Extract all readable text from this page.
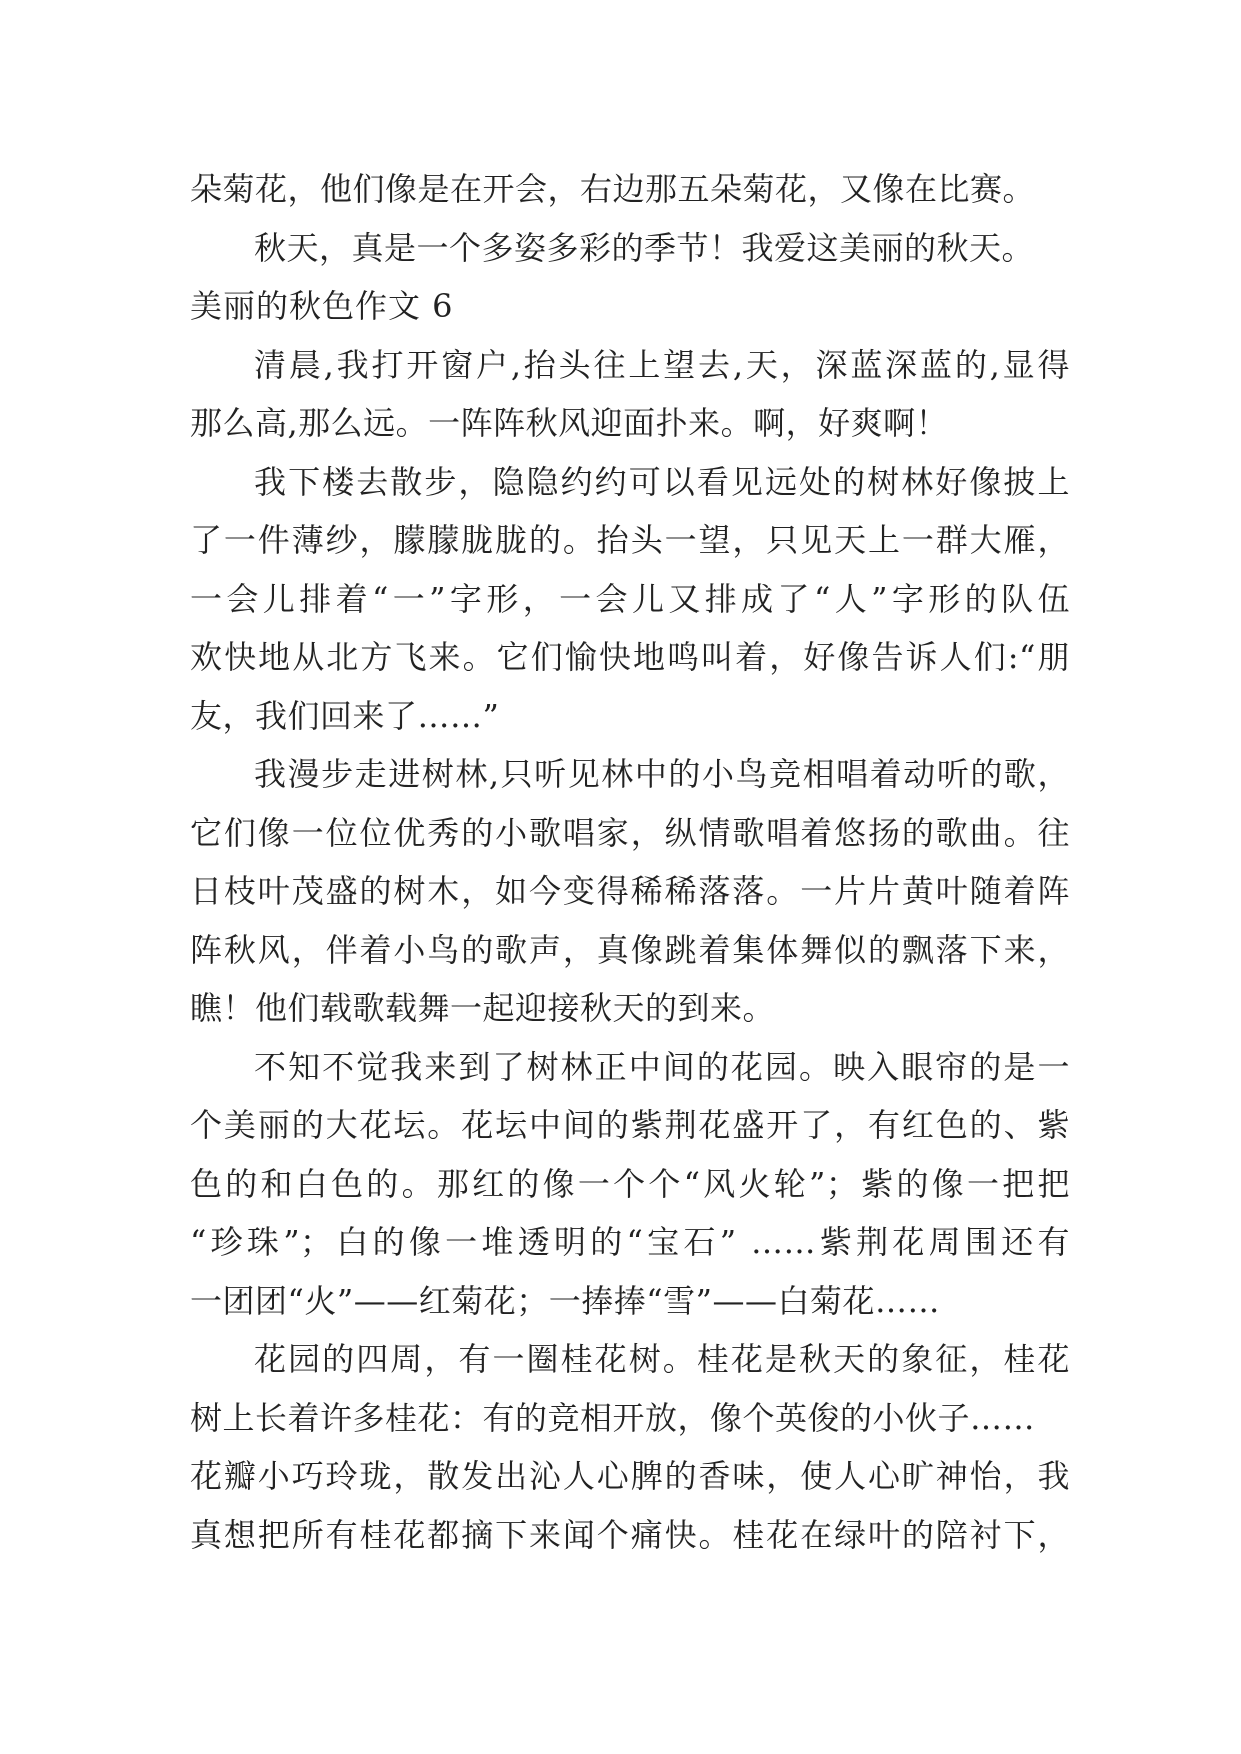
朵菊花，他们像是在开会，右边那五朵菊花，又像在比赛。
秋天，真是一个多姿多彩的季节！我爱这美丽的秋天。
美丽的秋色作文 6
清晨,我打开窗户,抬头往上望去,天，深蓝深蓝的,显得
那么高,那么远。一阵阵秋风迎面扑来。啊，好爽啊！
我下楼去散步，隐隐约约可以看见远处的树林好像披上
了一件薄纱，朦朦胧胧的。抬头一望，只见天上一群大雁，
一会儿排着“一”字形，一会儿又排成了“人”字形的队伍
欢快地从北方飞来。它们愉快地鸣叫着，好像告诉人们:“朋
友，我们回来了……”
我漫步走进树林,只听见林中的小鸟竞相唱着动听的歌，
它们像一位位优秀的小歌唱家，纵情歌唱着悠扬的歌曲。往
日枝叶茂盛的树木，如今变得稀稀落落。一片片黄叶随着阵
阵秋风，伴着小鸟的歌声，真像跳着集体舞似的飘落下来，
瞧！他们载歌载舞一起迎接秋天的到来。
不知不觉我来到了树林正中间的花园。映入眼帘的是一
个美丽的大花坛。花坛中间的紫荆花盛开了，有红色的、紫
色的和白色的。那红的像一个个“风火轮”；紫的像一把把
“珍珠”；白的像一堆透明的“宝石” ……紫荆花周围还有
一团团“火”——红菊花；一捧捧“雪”——白菊花……
花园的四周，有一圈桂花树。桂花是秋天的象征，桂花
树上长着许多桂花：有的竞相开放，像个英俊的小伙子……
花瓣小巧玲珑，散发出沁人心脾的香味，使人心旷神怡，我
真想把所有桂花都摘下来闻个痛快。桂花在绿叶的陪衬下，
